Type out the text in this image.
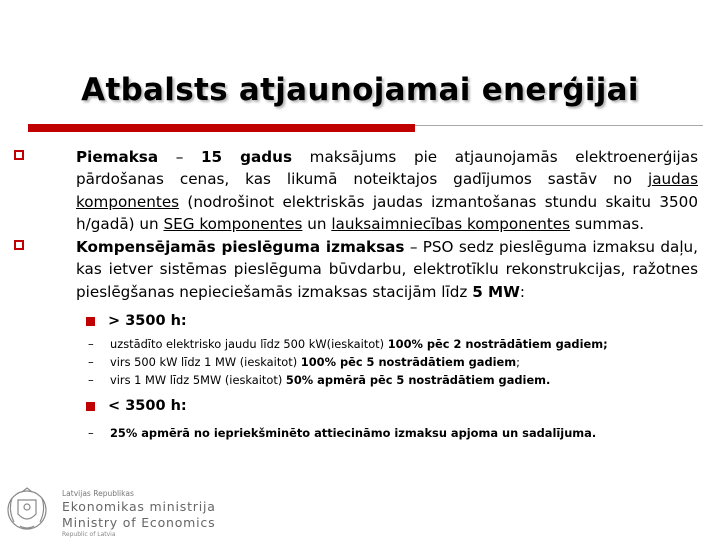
Atbalsts atjaunojamai enerģijai
Piemaksa – 15 gadus maksājums pie atjaunojamās elektroenerģijas pārdošanas cenas, kas likumā noteiktajos gadījumos sastāv no jaudas komponentes (nodrošinot elektriskās jaudas izmantošanas stundu skaitu 3500 h/gadā) un SEG komponentes un lauksaimniecības komponentes summas.
Kompensējamās pieslēguma izmaksas – PSO sedz pieslēguma izmaksu daļu, kas ietver sistēmas pieslēguma būvdarbu, elektrotīklu rekonstrukcijas, ražotnes pieslēgšanas nepieciešamās izmaksas stacijām līdz 5 MW:
> 3500 h:
– uzstādīto elektrisko jaudu līdz 500 kW(ieskaitot) 100% pēc 2 nostrādātiem gadiem;
– virs 500 kW līdz 1 MW (ieskaitot) 100% pēc 5 nostrādātiem gadiem;
– virs 1 MW līdz 5MW (ieskaitot) 50% apmērā pēc 5 nostrādātiem gadiem.
< 3500 h:
– 25% apmērā no iepriekšminēto attiecināmo izmaksu apjoma un sadalījuma.
Latvijas Republikas
Ekonomikas ministrija
Ministry of Economics
Republic of Latvia
